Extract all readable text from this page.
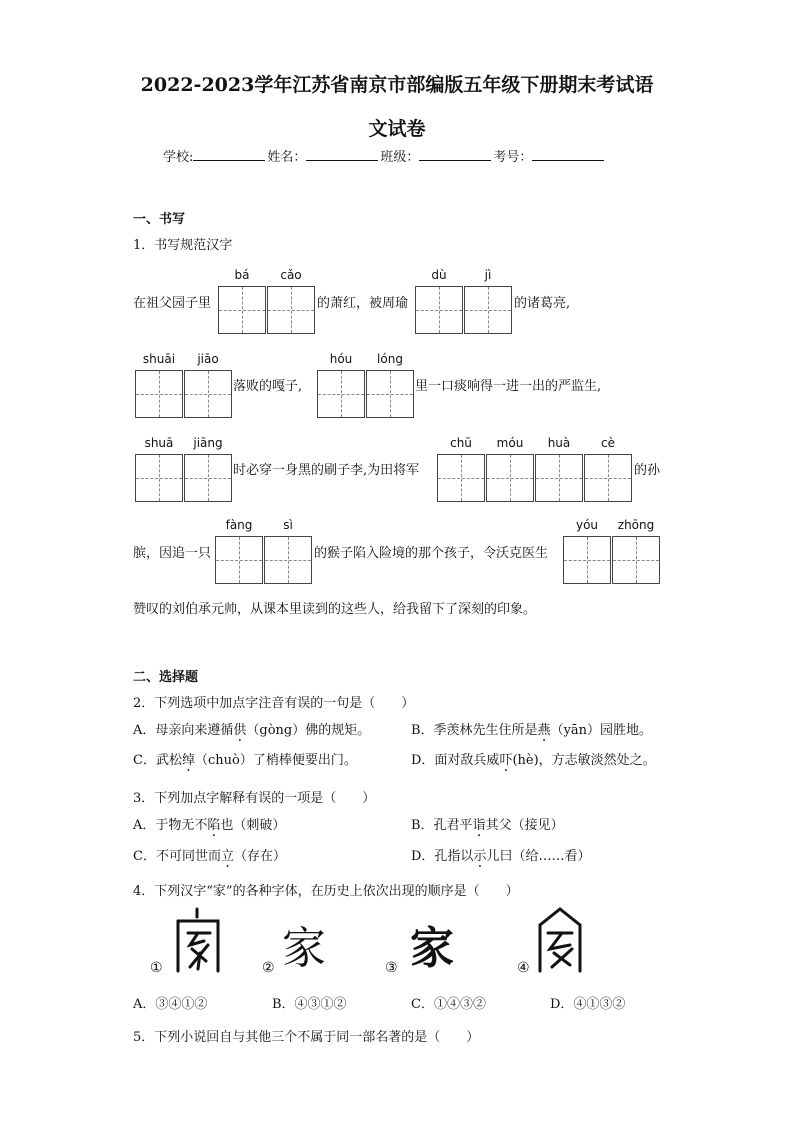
2022-2023学年江苏省南京市部编版五年级下册期末考试语
文试卷
学校:	姓名：	班级：	考号：
一、书写
1．书写规范汉字
bá	cǎo	dù	jì
在祖父园子里	的萧红，被周瑜	的诸葛亮,
shuāi	jiāo	hóu	lóng
落败的嘎子,	里一口痰响得一进一出的严监生,
shuā	jiāng	chū	móu	huà	cè
时必穿一身黑的刷子李,为田将军	的孙
fàng	sì	yóu	zhōng
膑，因追一只	的猴子陷入险境的那个孩子，令沃克医生
赞叹的刘伯承元帅，从课本里读到的这些人，给我留下了深刻的印象。
二、选择题
2．下列选项中加点字注音有误的一句是（　　）
A．母亲向来遵循供（gòng）佛的规矩。	B．季羡林先生住所是燕（yān）园胜地。
C．武松绰（chuò）了梢棒便要出门。	D．面对敌兵威吓(hè)，方志敏淡然处之。
3．下列加点字解释有误的一项是（　　）
A．于物无不陷也（刺破）	B．孔君平诣其父（接见）
C．不可同世而立（存在）	D．孔指以示儿曰（给……看）
4．下列汉字“家”的各种字体，在历史上依次出现的顺序是（　　）
①	② 家	③ 家	④
A．③④①②	B．④③①②	C．①④③②	D．④①③②
5．下列小说回自与其他三个不属于同一部名著的是（　　）
